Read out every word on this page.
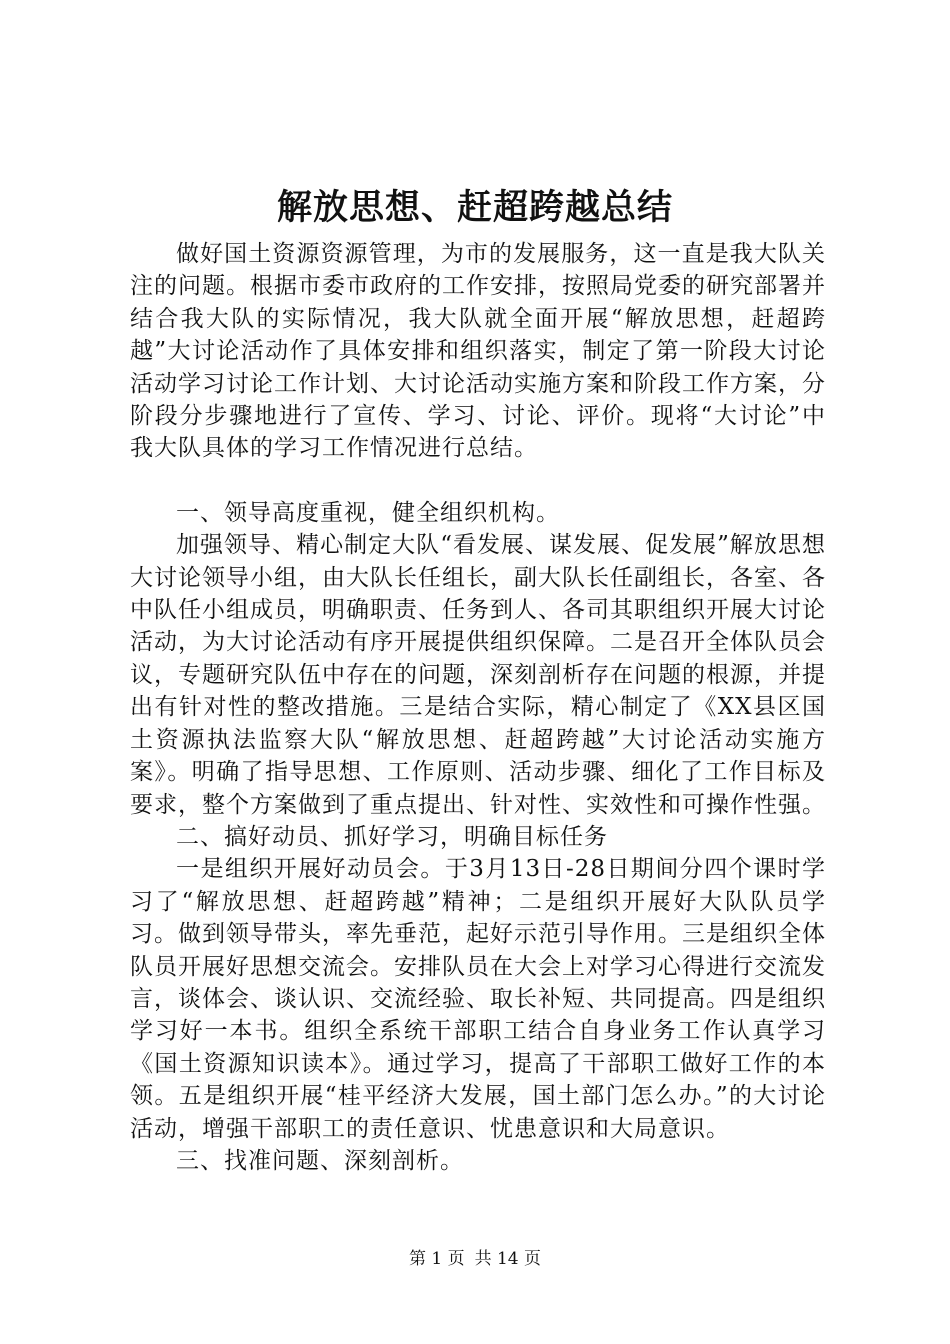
解放思想、赶超跨越总结

做好国土资源资源管理，为市的发展服务，这一直是我大队关注的问题。根据市委市政府的工作安排，按照局党委的研究部署并结合我大队的实际情况，我大队就全面开展“解放思想，赶超跨越”大讨论活动作了具体安排和组织落实，制定了第一阶段大讨论活动学习讨论工作计划、大讨论活动实施方案和阶段工作方案，分阶段分步骤地进行了宣传、学习、讨论、评价。现将“大讨论”中我大队具体的学习工作情况进行总结。

一、领导高度重视，健全组织机构。

加强领导、精心制定大队“看发展、谋发展、促发展”解放思想大讨论领导小组，由大队长任组长，副大队长任副组长，各室、各中队任小组成员，明确职责、任务到人、各司其职组织开展大讨论活动，为大讨论活动有序开展提供组织保障。二是召开全体队员会议，专题研究队伍中存在的问题，深刻剖析存在问题的根源，并提出有针对性的整改措施。三是结合实际，精心制定了《XX县区国土资源执法监察大队“解放思想、赶超跨越”大讨论活动实施方案》。明确了指导思想、工作原则、活动步骤、细化了工作目标及要求，整个方案做到了重点提出、针对性、实效性和可操作性强。

二、搞好动员、抓好学习，明确目标任务

一是组织开展好动员会。于3月13日-28日期间分四个课时学习了“解放思想、赶超跨越”精神；二是组织开展好大队队员学习。做到领导带头，率先垂范，起好示范引导作用。三是组织全体队员开展好思想交流会。安排队员在大会上对学习心得进行交流发言，谈体会、谈认识、交流经验、取长补短、共同提高。四是组织学习好一本书。组织全系统干部职工结合自身业务工作认真学习《国土资源知识读本》。通过学习，提高了干部职工做好工作的本领。五是组织开展“桂平经济大发展，国土部门怎么办。”的大讨论活动，增强干部职工的责任意识、忧患意识和大局意识。

三、找准问题、深刻剖析。

第 1 页 共 14 页
